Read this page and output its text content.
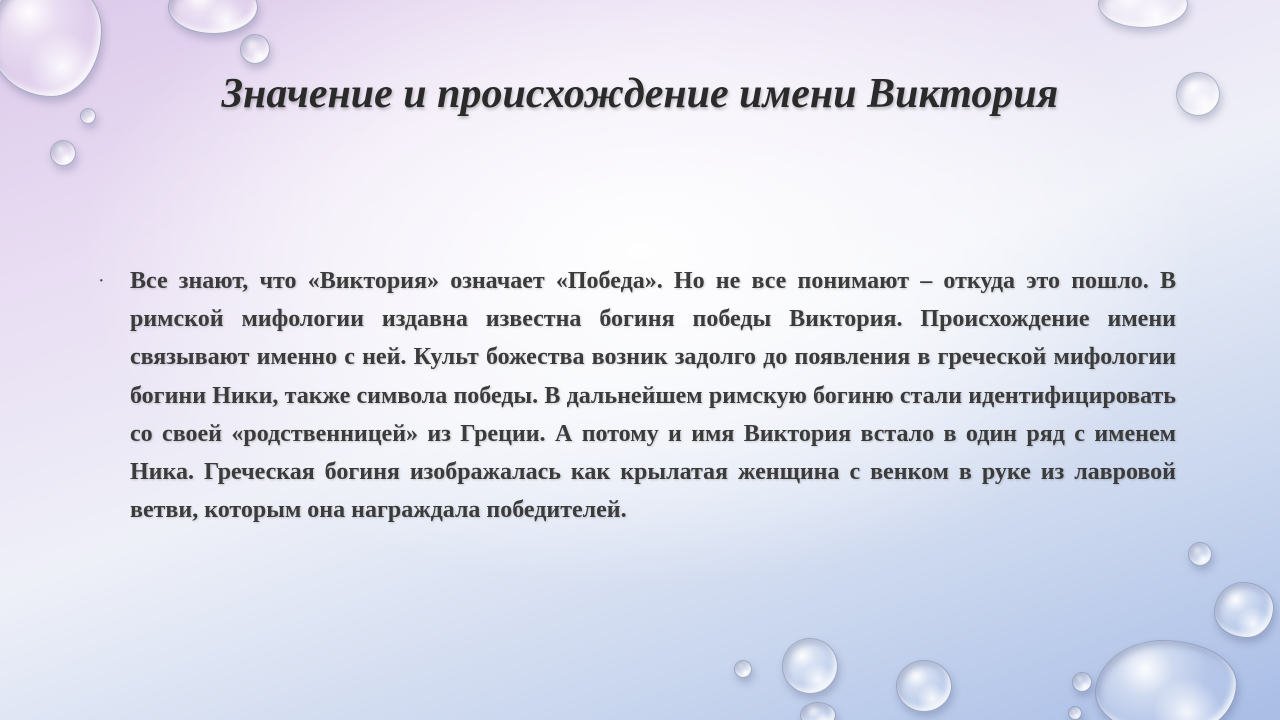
Значение и происхождение имени Виктория
·	Все знают, что «Виктория» означает «Победа». Но не все понимают – откуда это пошло. В римской мифологии издавна известна богиня победы Виктория. Происхождение имени связывают именно с ней. Культ божества возник задолго до появления в греческой мифологии богини Ники, также символа победы. В дальнейшем римскую богиню стали идентифицировать со своей «родственницей» из Греции. А потому и имя Виктория встало в один ряд с именем Ника. Греческая богиня изображалась как крылатая женщина с венком в руке из лавровой ветви, которым она награждала победителей.
